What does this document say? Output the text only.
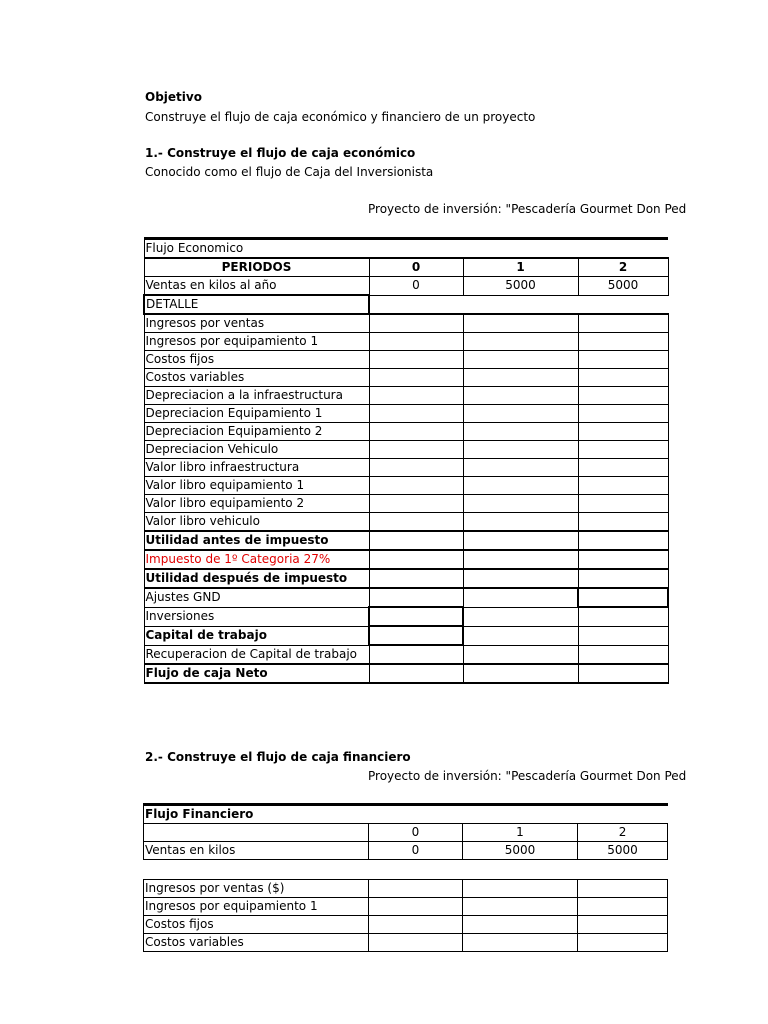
Objetivo
Construye el flujo de caja económico y financiero de un proyecto
1.- Construye el flujo de caja económico
Conocido como el flujo de Caja del Inversionista
Proyecto de inversión: "Pescadería Gourmet Don Ped
Flujo Economico			
PERIODOS	0	1	2
Ventas en kilos al año	0	5000	5000
DETALLE			
Ingresos por ventas			
Ingresos por equipamiento 1			
Costos fijos			
Costos variables			
Depreciacion a la infraestructura			
Depreciacion Equipamiento 1			
Depreciacion Equipamiento 2			
Depreciacion Vehiculo			
Valor libro infraestructura			
Valor libro equipamiento 1			
Valor libro equipamiento 2			
Valor libro vehiculo			
Utilidad antes de impuesto			
Impuesto de 1º Categoria 27%			
Utilidad después de impuesto			
Ajustes GND			
Inversiones			
Capital de trabajo			
Recuperacion de Capital de trabajo			
Flujo de caja Neto			
2.- Construye el flujo de caja financiero
Proyecto de inversión: "Pescadería Gourmet Don Ped
Flujo Financiero			
	0	1	2
Ventas en kilos	0	5000	5000
Ingresos por ventas ($)			
Ingresos por equipamiento 1			
Costos fijos			
Costos variables			
